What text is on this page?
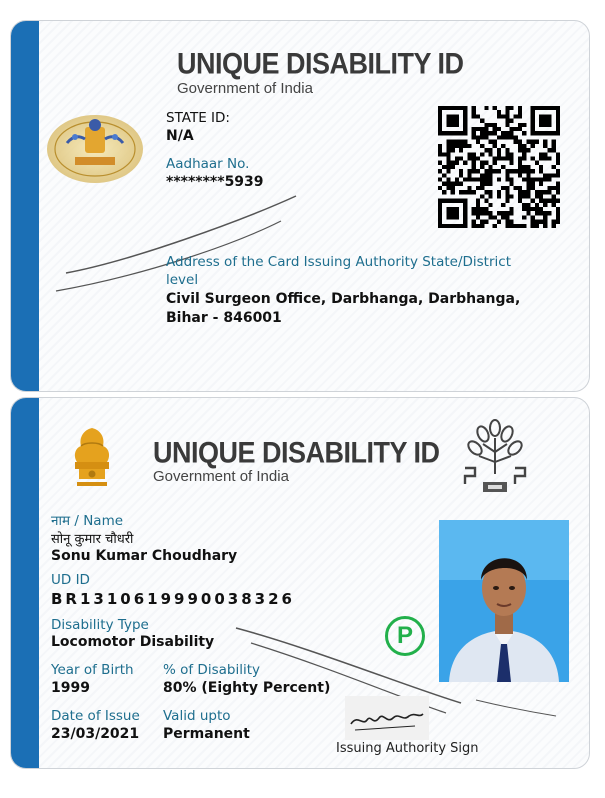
UNIQUE DISABILITY ID
Government of India
STATE ID:
N/A
Aadhaar No.
********5939
Address of the Card Issuing Authority State/District level
Civil Surgeon Office, Darbhanga, Darbhanga, Bihar - 846001
UNIQUE DISABILITY ID
Government of India
नाम / Name
सोनू कुमार चौधरी
Sonu Kumar Choudhary
UD ID
BR1310619990038326
Disability Type
Locomotor Disability
Year of Birth
1999
% of Disability
80% (Eighty Percent)
Date of Issue
23/03/2021
Valid upto
Permanent
P
Issuing Authority Sign
